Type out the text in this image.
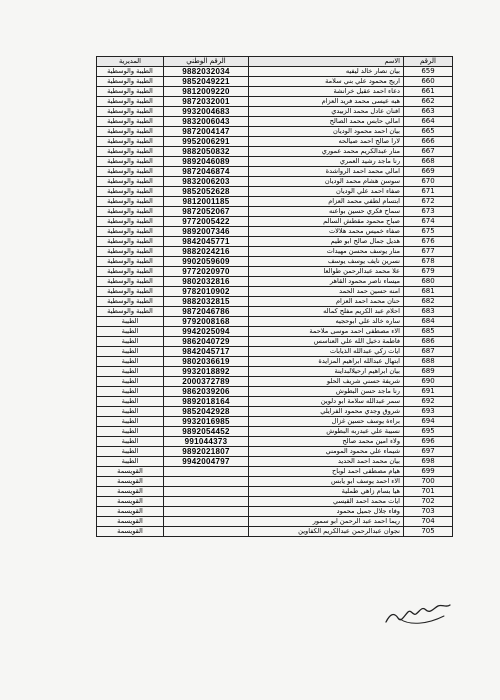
الرقم	الاسم	الرقم الوطني	المديرية
659	بيان نصار خالد ليفيه	9882032034	الطيبة والوسطية
660	اريج محمود علي بني سلامة	9852049221	الطيبة والوسطية
661	دعاء احمد عقيل خرانشة	9812009220	الطيبة والوسطية
662	هبه عيسى محمد فريد العزام	9872032001	الطيبة والوسطية
663	افنان عادل محمد الزبيدي	9932004683	الطيبة والوسطية
664	امالي حابس محمد الصالح	9832006043	الطيبة والوسطية
665	بيان احمد محمود الوديان	9872004147	الطيبة والوسطية
666	لارا صالح احمد صيالحه	9952006291	الطيبة والوسطية
667	منار عبدالكريم محمد عموري	9882050832	الطيبة والوسطية
668	رنا ماجد رشيد العمري	9892046089	الطيبة والوسطية
669	امالي محمد احمد الرواشدة	9872046874	الطيبة والوسطية
670	سوسن هشام محمد الوديان	9832006203	الطيبة والوسطية
671	صفاء احمد علي الوديان	9852052628	الطيبة والوسطية
672	ابتسام لطفي محمد العزام	9812001185	الطيبة والوسطية
673	سماح فكري حسين بواعنه	9872052067	الطيبة والوسطية
674	صباح محمود مقطش السالم	9772005422	الطيبة والوسطية
675	صفاء خميس محمد هلالات	9892007346	الطيبة والوسطية
676	هديل جمال صالح ابو طيم	9842045771	الطيبة والوسطية
677	منار يوسف محسن مهيدات	9882024216	الطيبة والوسطية
678	نسرين نايف يوسف يوسف	9902059609	الطيبة والوسطية
679	علا محمد عبدالرحمن طوالعا	9772020970	الطيبة والوسطية
680	ميساء ناصر محمود القاهر	9802032816	الطيبة والوسطية
681	امنه حسين حمد الحمد	9782010902	الطيبة والوسطية
682	حنان محمد احمد العزام	9882032815	الطيبة والوسطية
683	احلام عبد الكريم مفلح كماله	9872046786	الطيبة والوسطية
684	ساره خالد علي ابوحجيه	9792008168	الطيبة
685	الاء مصطفى احمد موسى ملاحمة	9942025094	الطيبة
686	فاطمة دخيل الله علي العناسس	9862040729	الطيبة
687	ايات زكي عبدالله الذيابات	9842045717	الطيبة
688	ابتهال عبدالله ابراهيم المزايدة	9802036619	الطيبة
689	بيان ابراهيم ارحيلالبداينة	9932018892	الطيبة
690	شريفة حسني شريف الحلو	2000372789	الطيبة
691	رنا ماجد حسن البطوش	9862039206	الطيبة
692	سمر عبدالله سلامة ابو دلوين	9892018164	الطيبة
693	شروق وجدي محمود الفرايلي	9852042928	الطيبة
694	براءة يوسف حسين غزال	9932016985	الطيبة
695	نسيبة علي عبدربه البطوش	9892054452	الطيبة
696	ولاء امين محمد صالح	991044373	الطيبة
697	شيماء علي محمود المومني	9892021807	الطيبة
698	بيان محمد احمد الحديد	9942004797	الطيبة
699	هيام مصطفى احمد لوباح		القويسمة
700	الاء احمد يوسف ابو يابس		القويسمة
701	هيا بسام زاهي طملية		القويسمة
702	ايات محمد احمد القيسي		القويسمة
703	وفاء جلال جميل محمود		القويسمة
704	ريما احمد عبد الرحمن ابو سمور		القويسمة
705	نجوان عبدالرحمن عبدالكريم الكفاوين		القويسمة
